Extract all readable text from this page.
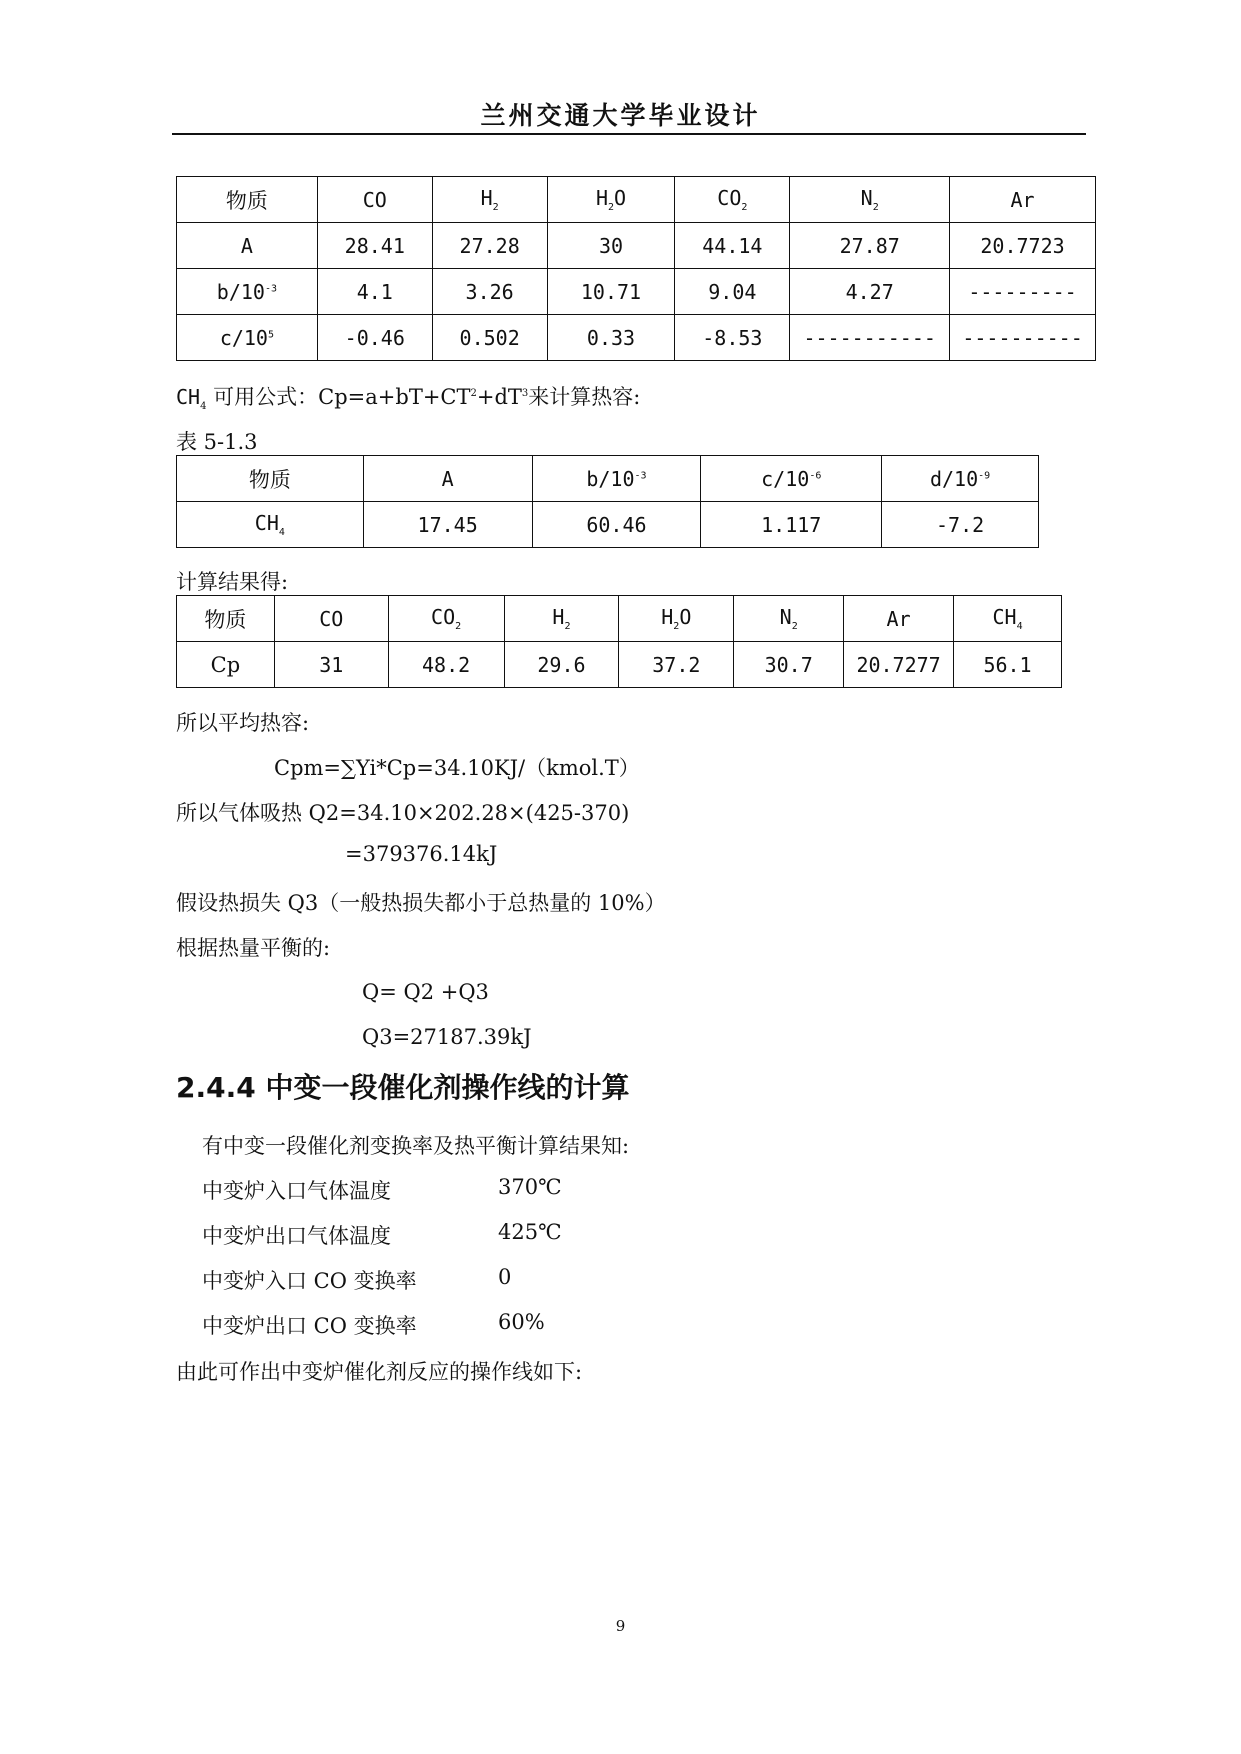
兰州交通大学毕业设计
物质	CO	$H_2$	$H_2O$	$CO_2$	$N_2$	Ar
A	28.41	27.28	30	44.14	27.87	20.7723
$b/10^{-3}$	4.1	3.26	10.71	9.04	4.27	---------
$c/10^5$	-0.46	0.502	0.33	-8.53	-----------	----------
$CH_4$ 可用公式：$Cp=a+bT+CT^2+dT^3$来计算热容:
表 5-1.3
物质	A	$b/10^{-3}$	$c/10^{-6}$	$d/10^{-9}$
$CH_4$	17.45	60.46	1.117	-7.2
计算结果得:
物质	CO	$CO_2$	$H_2$	$H_2O$	$N_2$	Ar	$CH_4$
Cp	31	48.2	29.6	37.2	30.7	20.7277	56.1
所以平均热容:
Cpm=∑Yi*Cp=34.10KJ/（kmol.T）
所以气体吸热 Q2=34.10×202.28×(425-370)
=379376.14kJ
假设热损失 Q3（一般热损失都小于总热量的 10%）
根据热量平衡的:
Q= Q2 +Q3
Q3=27187.39kJ
2.4.4 中变一段催化剂操作线的计算
有中变一段催化剂变换率及热平衡计算结果知:
中变炉入口气体温度	370℃
中变炉出口气体温度	425℃
中变炉入口 CO 变换率	0
中变炉出口 CO 变换率	60%
由此可作出中变炉催化剂反应的操作线如下:
9
